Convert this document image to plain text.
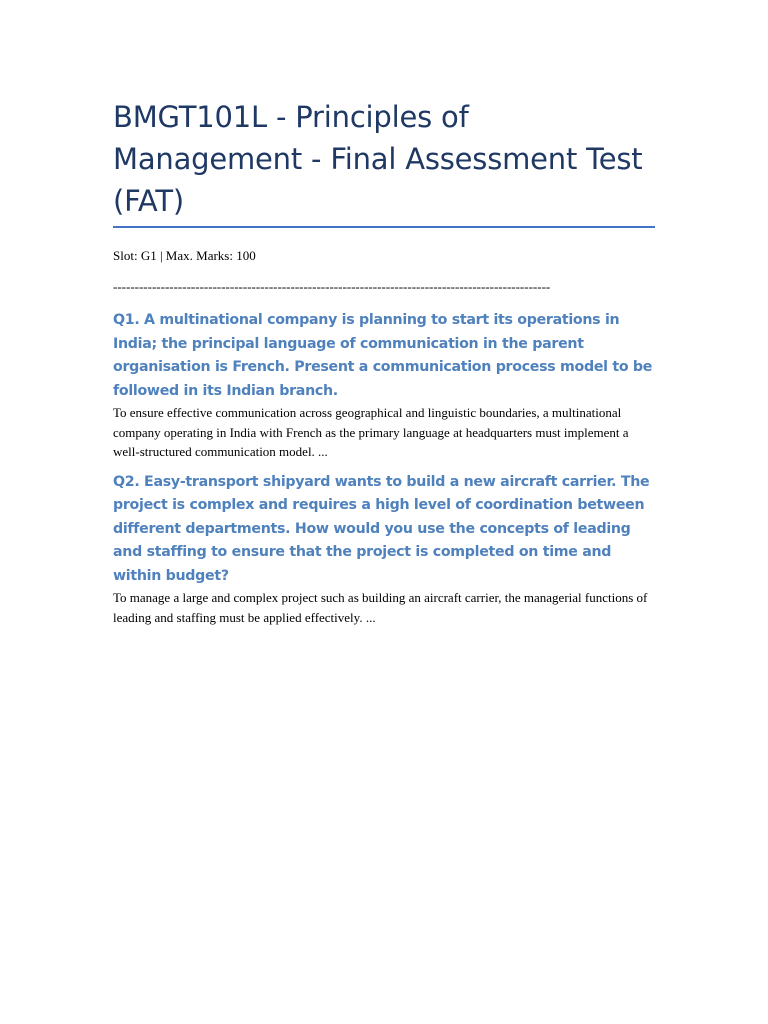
BMGT101L - Principles of Management - Final Assessment Test (FAT)
Slot: G1 | Max. Marks: 100
-----------------------------------------------------------------------------------------------------
Q1. A multinational company is planning to start its operations in India; the principal language of communication in the parent organisation is French. Present a communication process model to be followed in its Indian branch.
To ensure effective communication across geographical and linguistic boundaries, a multinational company operating in India with French as the primary language at headquarters must implement a well-structured communication model. ...
Q2. Easy-transport shipyard wants to build a new aircraft carrier. The project is complex and requires a high level of coordination between different departments. How would you use the concepts of leading and staffing to ensure that the project is completed on time and within budget?
To manage a large and complex project such as building an aircraft carrier, the managerial functions of leading and staffing must be applied effectively. ...
